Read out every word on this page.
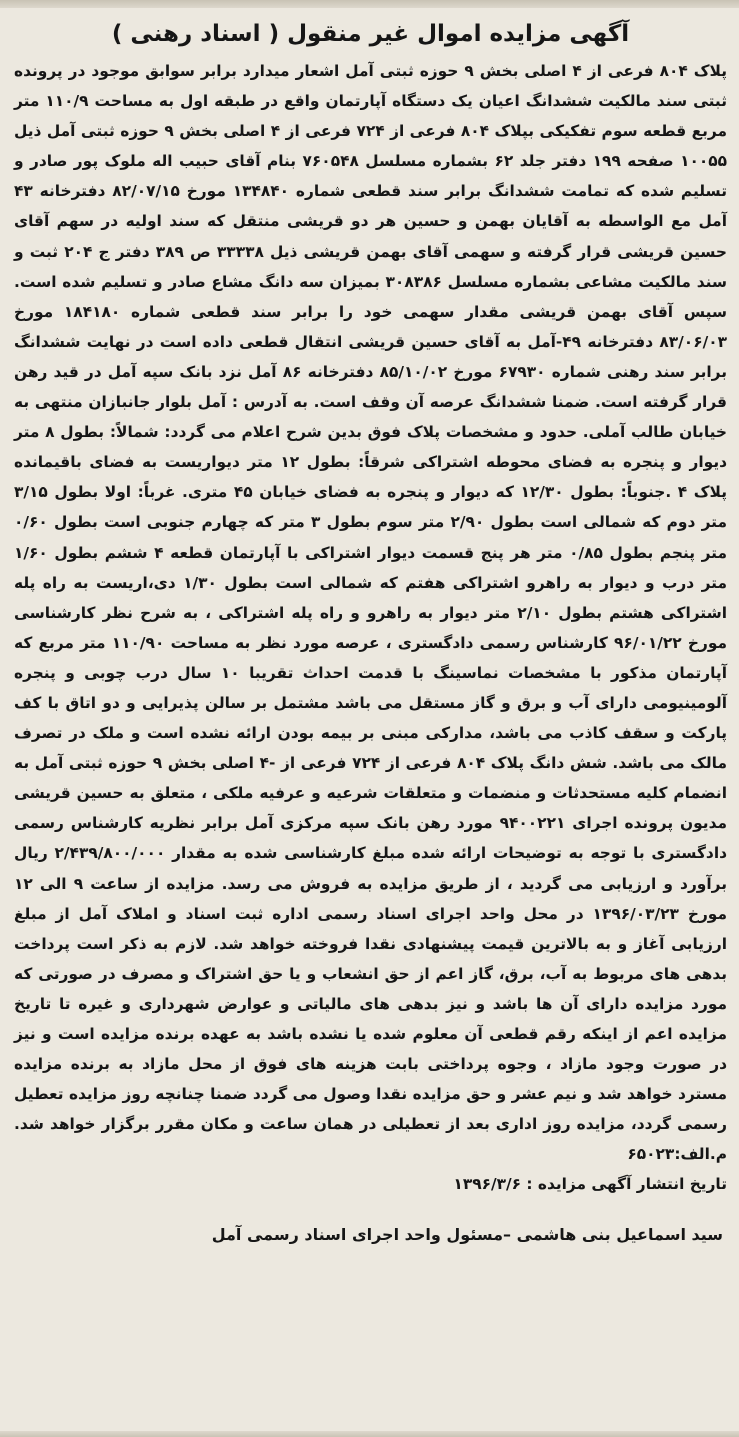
آگهی مزایده اموال غیر منقول ( اسناد رهنی )

پلاک ۸۰۴ فرعی از ۴ اصلی بخش ۹ حوزه ثبتی آمل اشعار میدارد برابر سوابق موجود در پرونده ثبتی سند مالکیت ششدانگ اعیان یک دستگاه آپارتمان واقع در طبقه اول به مساحت ۱۱۰/۹ متر مربع قطعه سوم تفکیکی بپلاک ۸۰۴ فرعی از ۷۲۴ فرعی از ۴ اصلی بخش ۹ حوزه ثبتی آمل ذیل ۱۰۰۵۵ صفحه ۱۹۹ دفتر جلد ۶۲ بشماره مسلسل ۷۶۰۵۴۸ بنام آقای حبیب اله ملوک پور صادر و تسلیم شده که تمامت ششدانگ برابر سند قطعی شماره ۱۳۴۸۴۰ مورخ ۸۲/۰۷/۱۵ دفترخانه ۴۳ آمل مع الواسطه به آقایان بهمن و حسین هر دو قریشی منتقل که سند اولیه در سهم آقای حسین قریشی قرار گرفته و سهمی آقای بهمن قریشی ذیل ۳۳۳۳۸ ص ۳۸۹ دفتر ج ۲۰۴ ثبت و سند مالکیت مشاعی بشماره مسلسل ۳۰۸۳۸۶ بمیزان سه دانگ مشاع صادر و تسلیم شده است. سپس آقای بهمن قریشی مقدار سهمی خود را برابر سند قطعی شماره ۱۸۴۱۸۰ مورخ ۸۳/۰۶/۰۳ دفترخانه ۴۹-آمل به آقای حسین قریشی انتقال قطعی داده است در نهایت ششدانگ برابر سند رهنی شماره ۶۷۹۳۰ مورخ ۸۵/۱۰/۰۲ دفترخانه ۸۶ آمل نزد بانک سپه آمل در قید رهن قرار گرفته است. ضمنا ششدانگ عرصه آن وقف است. به آدرس : آمل بلوار جانبازان منتهی به خیابان طالب آملی. حدود و مشخصات پلاک فوق بدین شرح اعلام می گردد: شمالاً: بطول ۸ متر دیوار و پنجره به فضای محوطه اشتراکی شرقاً: بطول ۱۲ متر دیواریست به فضای باقیمانده پلاک ۴ .جنوباً: بطول ۱۲/۳۰ که دیوار و پنجره به فضای خیابان ۴۵ متری. غرباً: اولا بطول ۳/۱۵ متر دوم که شمالی است بطول ۲/۹۰ متر سوم بطول ۳ متر که چهارم جنوبی است بطول ۰/۶۰ متر پنجم بطول ۰/۸۵ متر هر پنج قسمت دیوار اشتراکی با آپارتمان قطعه ۴ ششم بطول ۱/۶۰ متر درب و دیوار به راهرو اشتراکی هفتم که شمالی است بطول ۱/۳۰ دی،اریست به راه پله اشتراکی هشتم بطول ۲/۱۰ متر دیوار به راهرو و راه پله اشتراکی ، به شرح نظر کارشناسی مورخ ۹۶/۰۱/۲۲ کارشناس رسمی دادگستری ، عرصه مورد نظر به مساحت ۱۱۰/۹۰ متر مربع که آپارتمان مذکور با مشخصات نماسینگ با قدمت احداث تقریبا ۱۰ سال درب چوبی و پنجره آلومینیومی دارای آب و برق و گاز مستقل می باشد مشتمل بر سالن پذیرایی و دو اتاق با کف پارکت و سقف کاذب می باشد، مدارکی مبنی بر بیمه بودن ارائه نشده است و ملک در تصرف مالک می باشد. شش دانگ پلاک ۸۰۴ فرعی از ۷۲۴ فرعی از -۴ اصلی بخش ۹ حوزه ثبتی آمل به انضمام کلیه مستحدثات و منضمات و متعلقات شرعیه و عرفیه ملکی ، متعلق به حسین قریشی مدیون پرونده اجرای ۹۴۰۰۲۲۱ مورد رهن بانک سپه مرکزی آمل برابر نظریه کارشناس رسمی دادگستری با توجه به توضیحات ارائه شده مبلغ کارشناسی شده به مقدار ۲/۴۳۹/۸۰۰/۰۰۰ ریال برآورد و ارزیابی می گردید ، از طریق مزایده به فروش می رسد. مزایده از ساعت ۹ الی ۱۲ مورخ ۱۳۹۶/۰۳/۲۳ در محل واحد اجرای اسناد رسمی اداره ثبت اسناد و املاک آمل از مبلغ ارزیابی آغاز و به بالاترین قیمت پیشنهادی نقدا فروخته خواهد شد. لازم به ذکر است پرداخت بدهی های مربوط به آب، برق، گاز اعم از حق انشعاب و یا حق اشتراک و مصرف در صورتی که مورد مزایده دارای آن ها باشد و نیز بدهی های مالیاتی و عوارض شهرداری و غیره تا تاریخ مزایده اعم از اینکه رقم قطعی آن معلوم شده یا نشده باشد به عهده برنده مزایده است و نیز در صورت وجود مازاد ، وجوه پرداختی بابت هزینه های فوق از محل مازاد به برنده مزایده مسترد خواهد شد و نیم عشر و حق مزایده نقدا وصول می گردد ضمنا چنانچه روز مزایده تعطیل رسمی گردد، مزایده روز اداری بعد از تعطیلی در همان ساعت و مکان مقرر برگزار خواهد شد. م.الف:۶۵۰۲۳

تاریخ انتشار آگهی مزایده : ۱۳۹۶/۳/۶

سید اسماعیل بنی هاشمی –مسئول واحد اجرای اسناد رسمی آمل
